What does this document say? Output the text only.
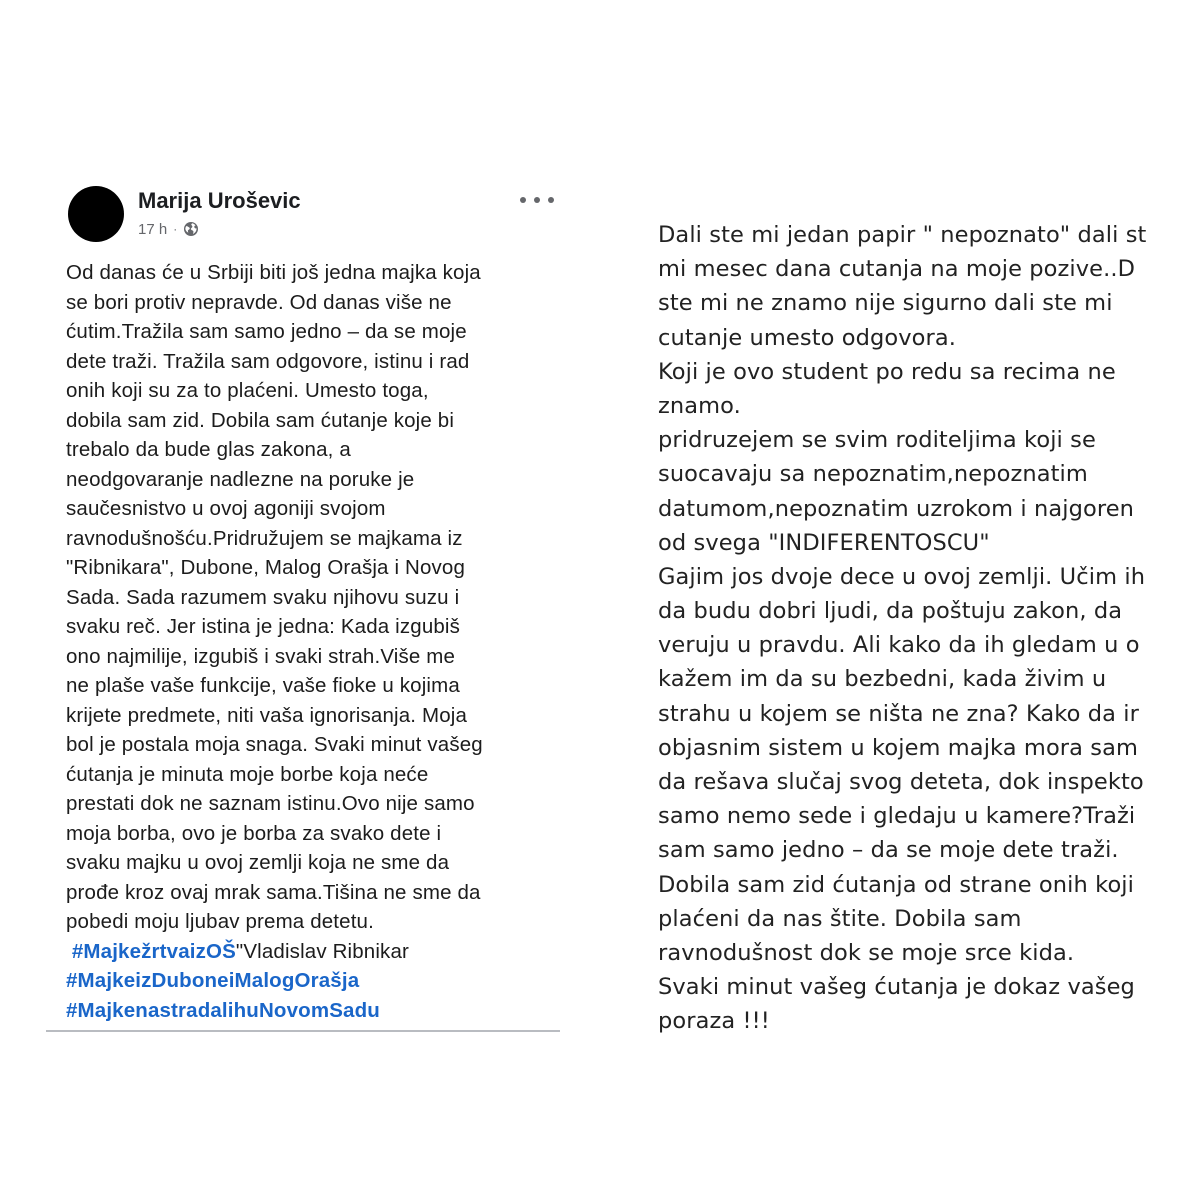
Marija Uroševic
17 h ·
Od danas će u Srbiji biti još jedna majka koja
se bori protiv nepravde. Od danas više ne
ćutim.Tražila sam samo jedno – da se moje
dete traži. Tražila sam odgovore, istinu i rad
onih koji su za to plaćeni. Umesto toga,
dobila sam zid. Dobila sam ćutanje koje bi
trebalo da bude glas zakona, a
neodgovaranje nadlezne na poruke je
saučesnistvo u ovoj agoniji svojom
ravnodušnošću.Pridružujem se majkama iz
"Ribnikara", Dubone, Malog Orašja i Novog
Sada. Sada razumem svaku njihovu suzu i
svaku reč. Jer istina je jedna: Kada izgubiš
ono najmilije, izgubiš i svaki strah.Više me
ne plaše vaše funkcije, vaše fioke u kojima
krijete predmete, niti vaša ignorisanja. Moja
bol je postala moja snaga. Svaki minut vašeg
ćutanja je minuta moje borbe koja neće
prestati dok ne saznam istinu.Ovo nije samo
moja borba, ovo je borba za svako dete i
svaku majku u ovoj zemlji koja ne sme da
prođe kroz ovaj mrak sama.Tišina ne sme da
pobedi moju ljubav prema detetu.
#MajkežrtvaizOŠ"Vladislav Ribnikar
#MajkeizDuboneiMalogOrašja
#MajkenastradalihuNovomSadu
Dali ste mi jedan papir " nepoznato" dali st
mi mesec dana cutanja na moje pozive..D
ste mi ne znamo nije sigurno dali ste mi
cutanje umesto odgovora.
Koji je ovo student po redu sa recima ne
znamo.
pridruzejem se svim roditeljima koji se
suocavaju sa nepoznatim,nepoznatim
datumom,nepoznatim uzrokom i najgoren
od svega "INDIFERENTOSCU"
Gajim jos dvoje dece u ovoj zemlji. Učim ih
da budu dobri ljudi, da poštuju zakon, da
veruju u pravdu. Ali kako da ih gledam u o
kažem im da su bezbedni, kada živim u
strahu u kojem se ništa ne zna? Kako da ir
objasnim sistem u kojem majka mora sam
da rešava slučaj svog deteta, dok inspekto
samo nemo sede i gledaju u kamere?Traži
sam samo jedno – da se moje dete traži.
Dobila sam zid ćutanja od strane onih koji
plaćeni da nas štite. Dobila sam
ravnodušnost dok se moje srce kida.
Svaki minut vašeg ćutanja je dokaz vašeg
poraza !!!
